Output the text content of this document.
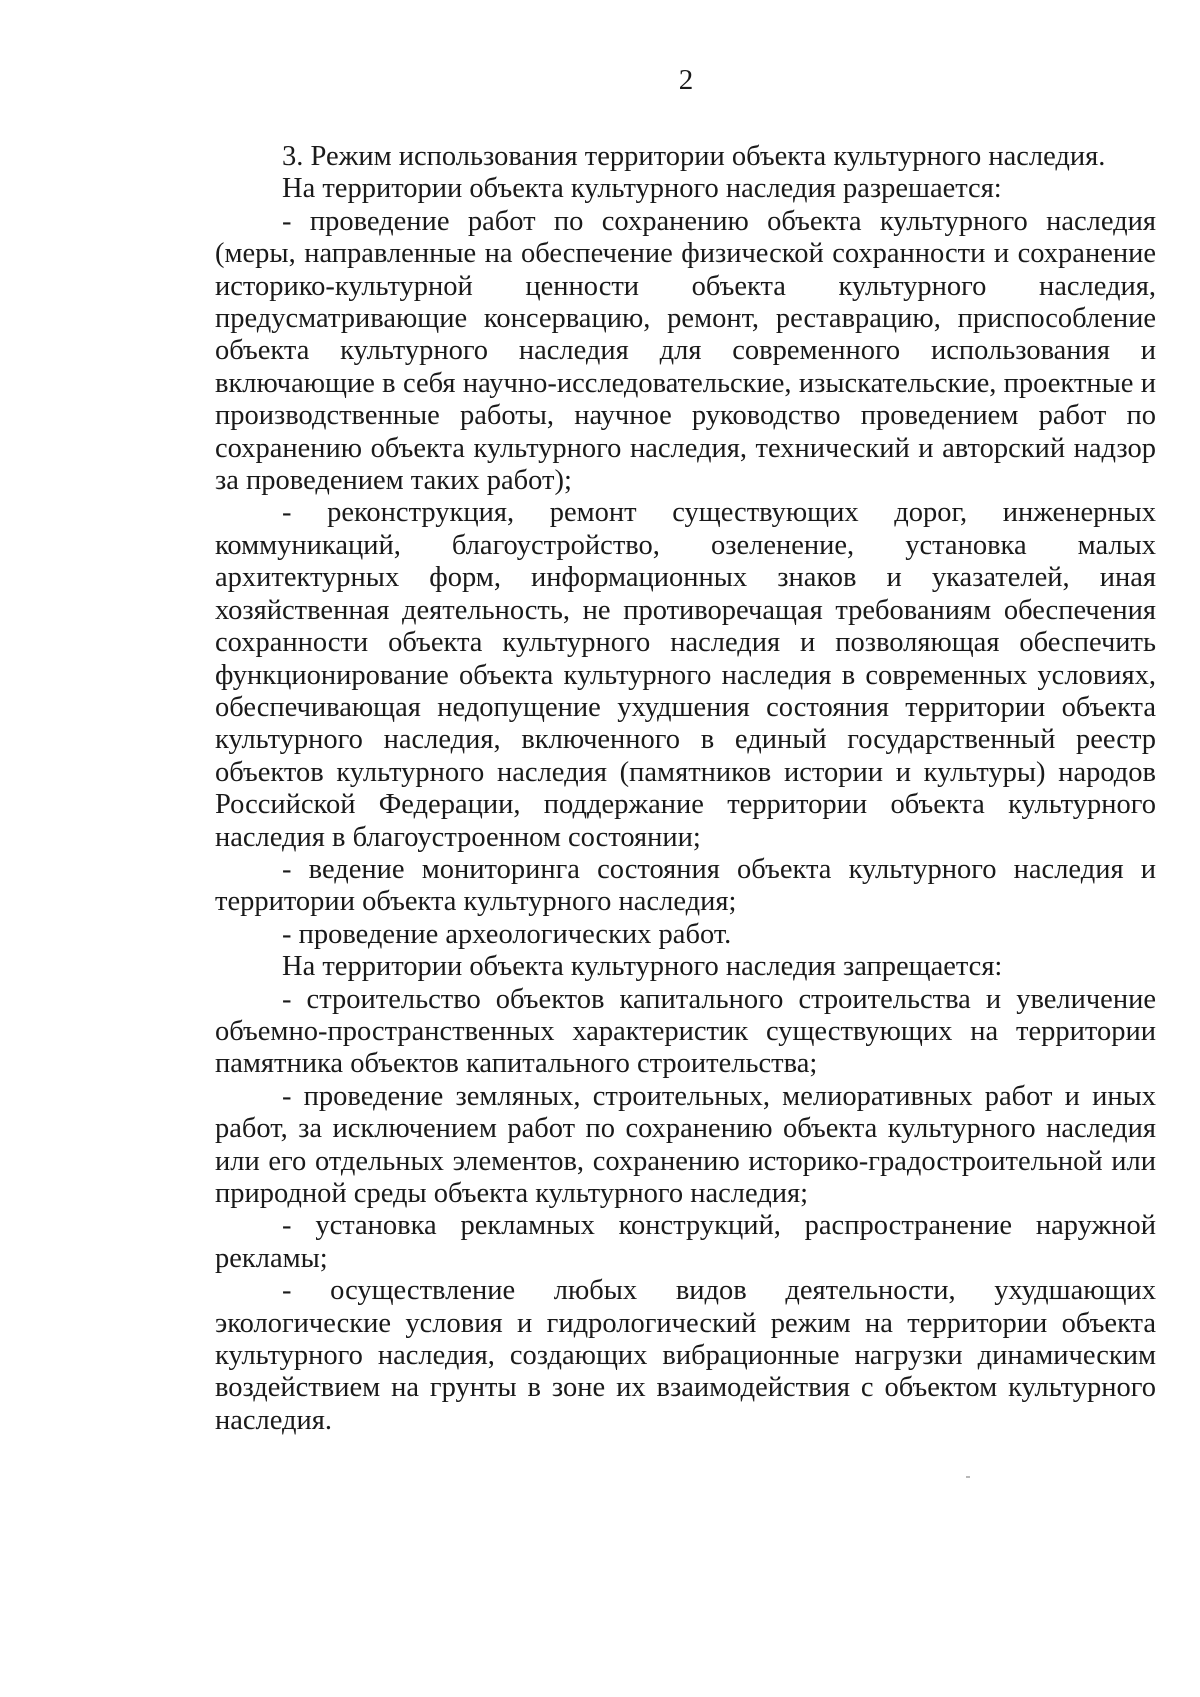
2

3. Режим использования территории объекта культурного наследия.

На территории объекта культурного наследия разрешается:

- проведение работ по сохранению объекта культурного наследия (меры, направленные на обеспечение физической сохранности и сохранение историко-культурной ценности объекта культурного наследия, предусматривающие консервацию, ремонт, реставрацию, приспособление объекта культурного наследия для современного использования и включающие в себя научно-исследовательские, изыскательские, проектные и производственные работы, научное руководство проведением работ по сохранению объекта культурного наследия, технический и авторский надзор за проведением таких работ);

- реконструкция, ремонт существующих дорог, инженерных коммуникаций, благоустройство, озеленение, установка малых архитектурных форм, информационных знаков и указателей, иная хозяйственная деятельность, не противоречащая требованиям обеспечения сохранности объекта культурного наследия и позволяющая обеспечить функционирование объекта культурного наследия в современных условиях, обеспечивающая недопущение ухудшения состояния территории объекта культурного наследия, включенного в единый государственный реестр объектов культурного наследия (памятников истории и культуры) народов Российской Федерации, поддержание территории объекта культурного наследия в благоустроенном состоянии;

- ведение мониторинга состояния объекта культурного наследия и территории объекта культурного наследия;

- проведение археологических работ.

На территории объекта культурного наследия запрещается:

- строительство объектов капитального строительства и увеличение объемно-пространственных характеристик существующих на территории памятника объектов капитального строительства;

- проведение земляных, строительных, мелиоративных работ и иных работ, за исключением работ по сохранению объекта культурного наследия или его отдельных элементов, сохранению историко-градостроительной или природной среды объекта культурного наследия;

- установка рекламных конструкций, распространение наружной рекламы;

- осуществление любых видов деятельности, ухудшающих экологические условия и гидрологический режим на территории объекта культурного наследия, создающих вибрационные нагрузки динамическим воздействием на грунты в зоне их взаимодействия с объектом культурного наследия.
